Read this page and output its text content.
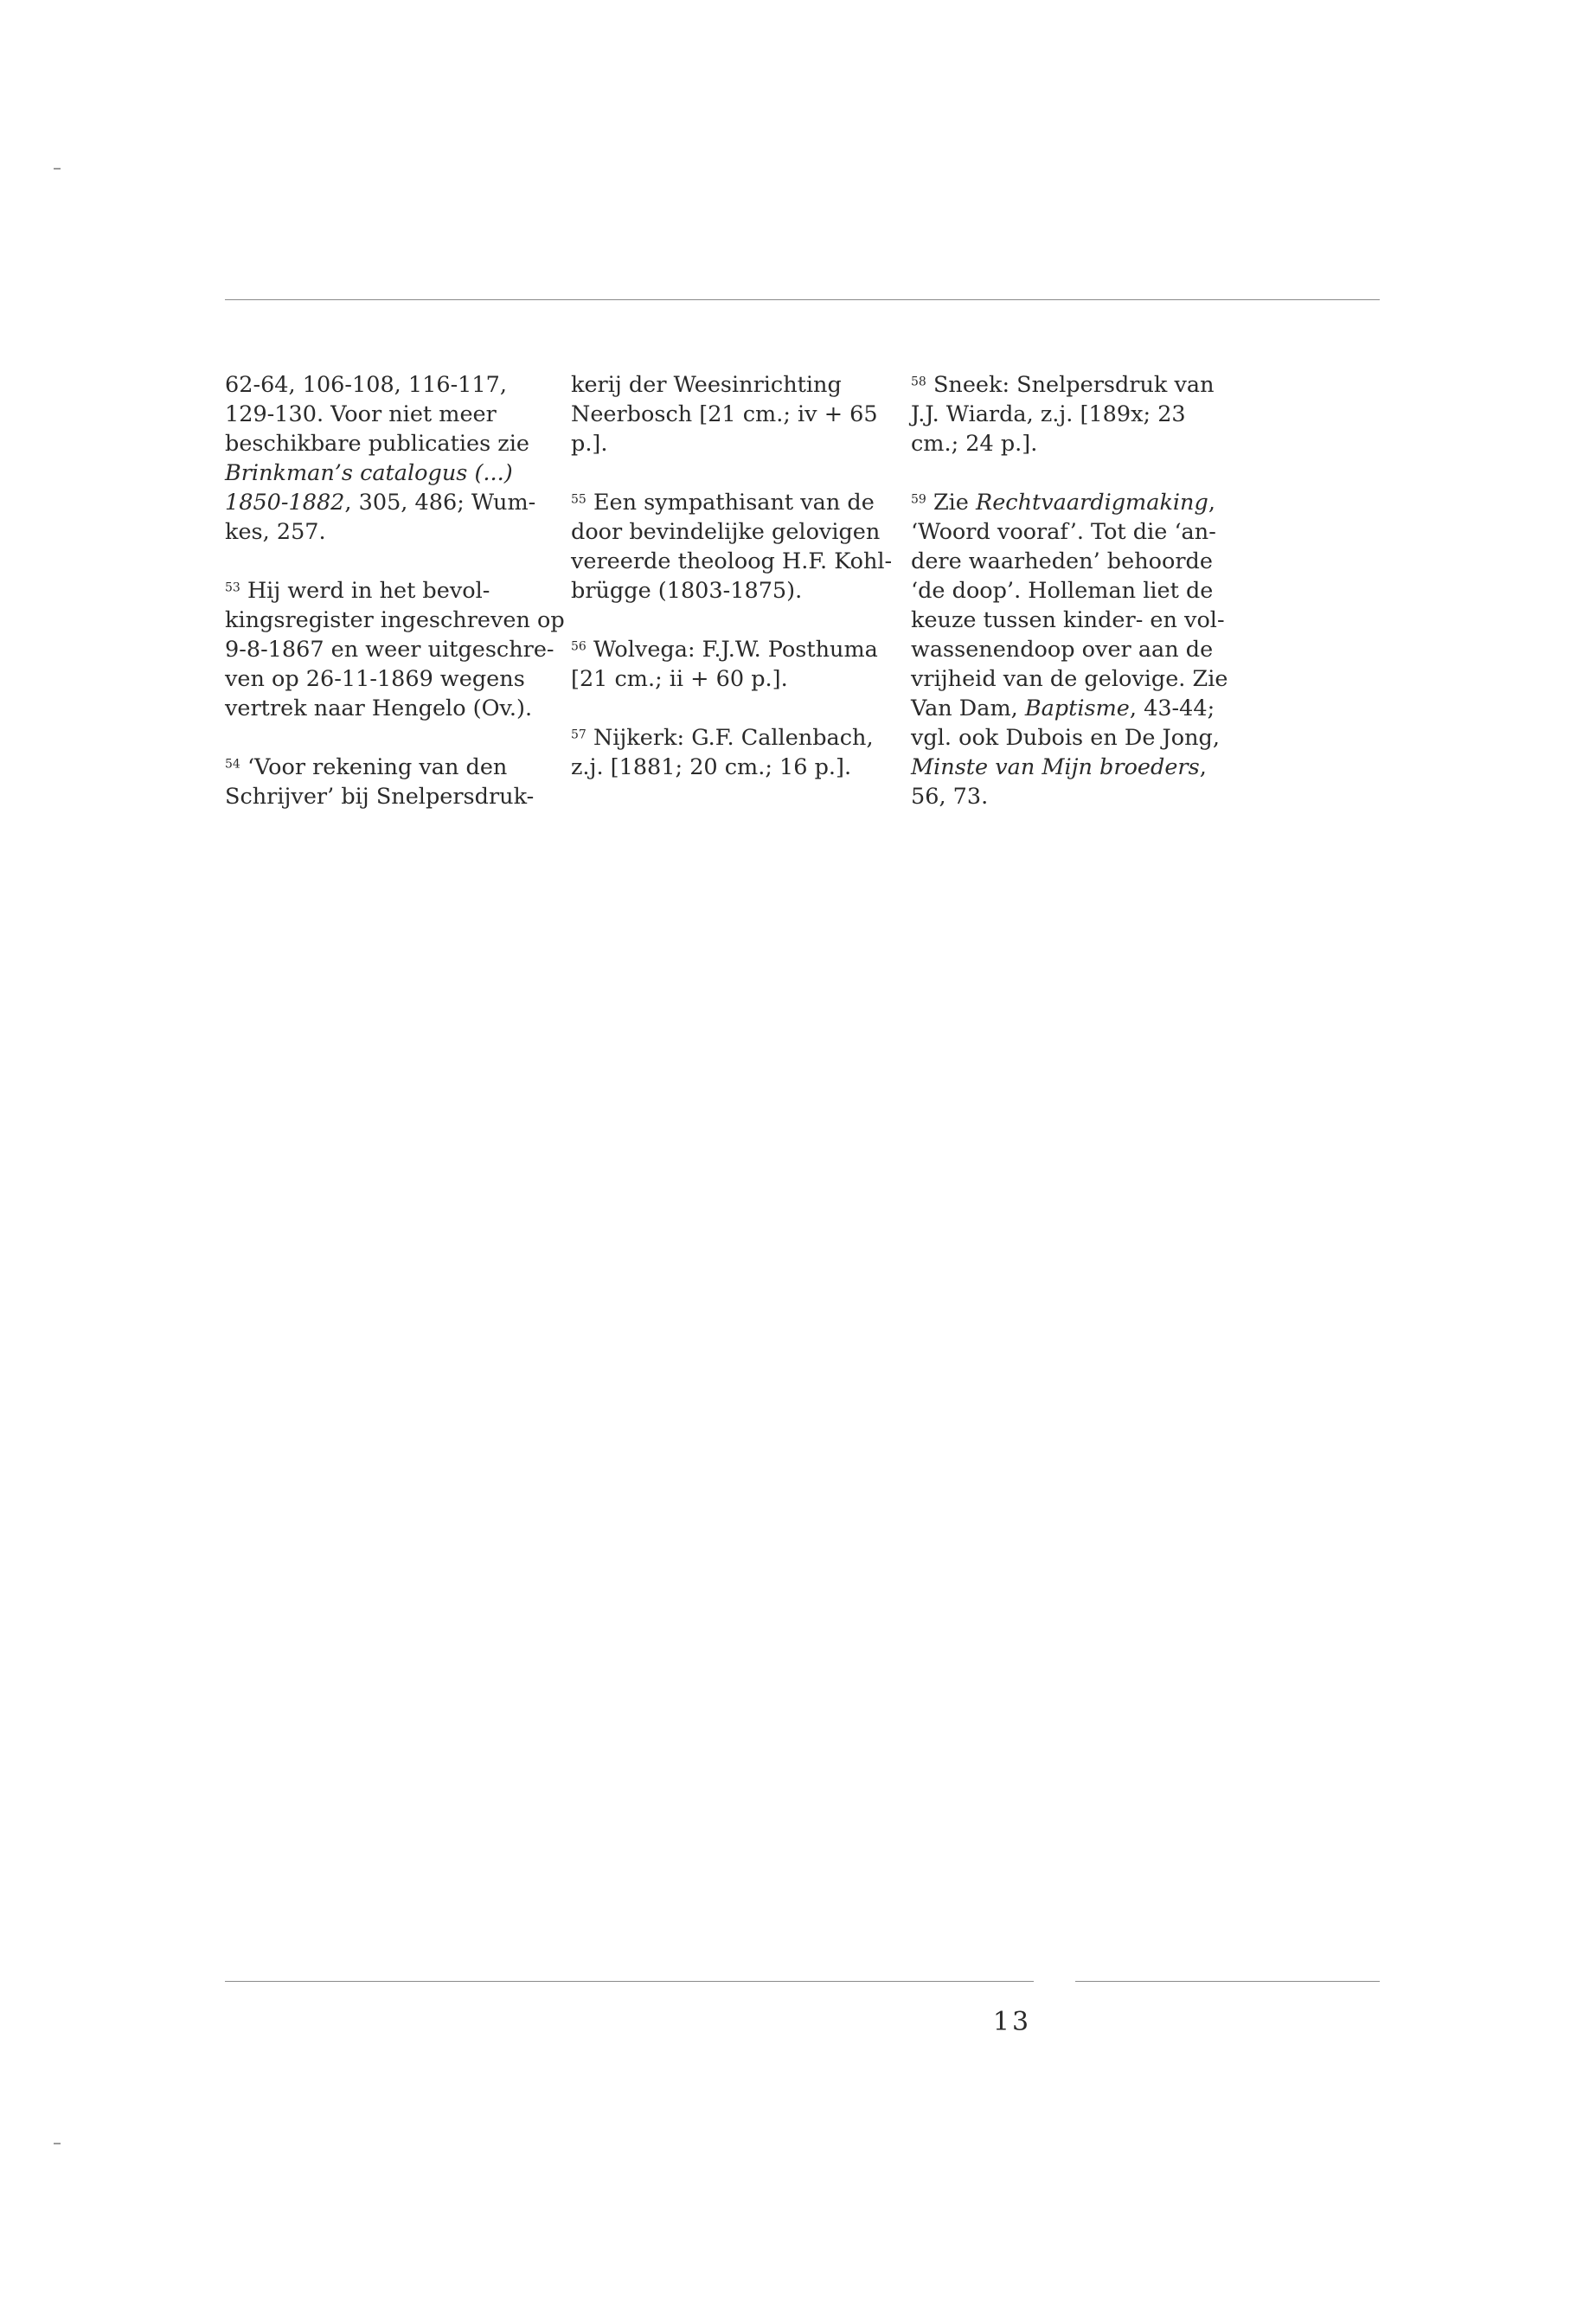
62-64, 106-108, 116-117,
129-130. Voor niet meer
beschikbare publicaties zie
Brinkman’s catalogus (...)
1850-1882, 305, 486; Wum-
kes, 257.

$^{53}$ Hij werd in het bevol-
kingsregister ingeschreven op
9-8-1867 en weer uitgeschre-
ven op 26-11-1869 wegens
vertrek naar Hengelo (Ov.).

$^{54}$ ‘Voor rekening van den
Schrijver’ bij Snelpersdruk-

kerij der Weesinrichting
Neerbosch [21 cm.; iv + 65
p.].

$^{55}$ Een sympathisant van de
door bevindelijke gelovigen
vereerde theoloog H.F. Kohl-
brügge (1803-1875).

$^{56}$ Wolvega: F.J.W. Posthuma
[21 cm.; ii + 60 p.].

$^{57}$ Nijkerk: G.F. Callenbach,
z.j. [1881; 20 cm.; 16 p.].

$^{58}$ Sneek: Snelpersdruk van
J.J. Wiarda, z.j. [189x; 23
cm.; 24 p.].

$^{59}$ Zie Rechtvaardigmaking,
‘Woord vooraf’. Tot die ‘an-
dere waarheden’ behoorde
‘de doop’. Holleman liet de
keuze tussen kinder- en vol-
wassenendoop over aan de
vrijheid van de gelovige. Zie
Van Dam, Baptisme, 43-44;
vgl. ook Dubois en De Jong,
Minste van Mijn broeders,
56, 73.

13
